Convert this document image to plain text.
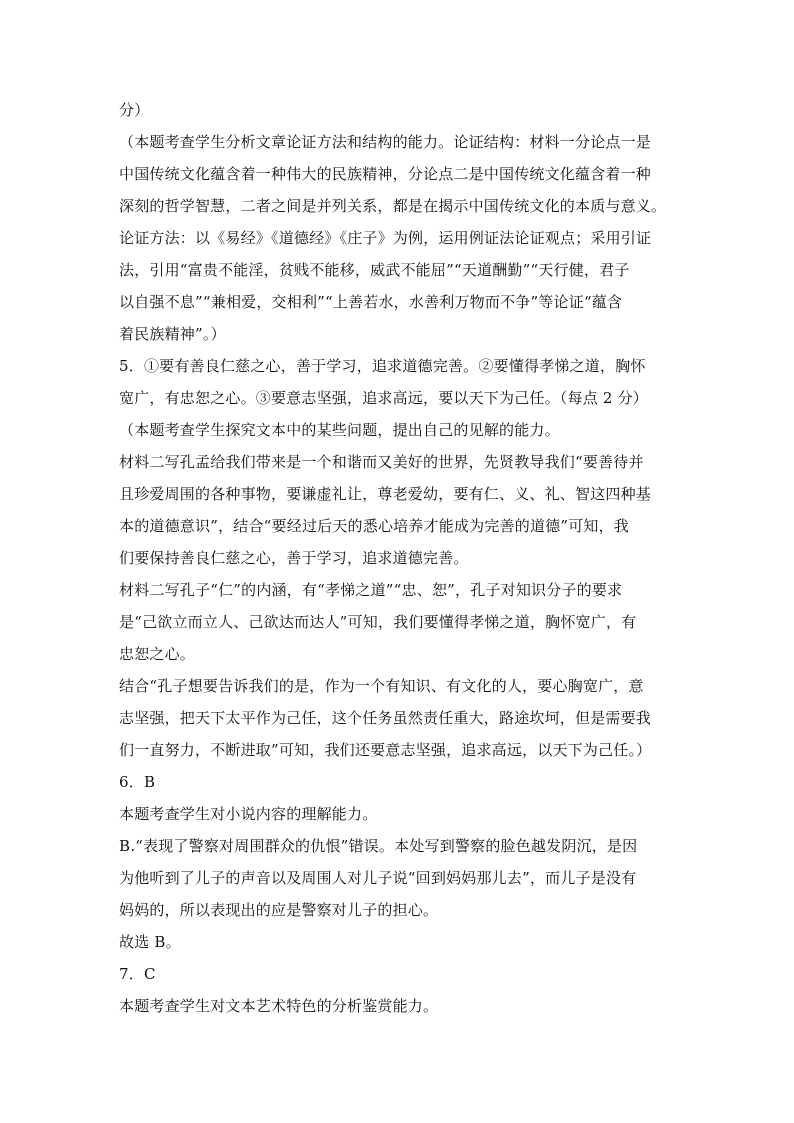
分）
（本题考查学生分析文章论证方法和结构的能力。论证结构：材料一分论点一是
中国传统文化蕴含着一种伟大的民族精神，分论点二是中国传统文化蕴含着一种
深刻的哲学智慧，二者之间是并列关系，都是在揭示中国传统文化的本质与意义。
论证方法：以《易经》《道德经》《庄子》为例，运用例证法论证观点；采用引证
法，引用“富贵不能淫，贫贱不能移，威武不能屈”“天道酬勤”“天行健，君子
以自强不息”“兼相爱，交相利”“上善若水，水善利万物而不争”等论证“蕴含
着民族精神”。）
5．①要有善良仁慈之心，善于学习，追求道德完善。②要懂得孝悌之道，胸怀
宽广，有忠恕之心。③要意志坚强，追求高远，要以天下为己任。（每点 2 分）
（本题考查学生探究文本中的某些问题，提出自己的见解的能力。
材料二写孔孟给我们带来是一个和谐而又美好的世界，先贤教导我们“要善待并
且珍爱周围的各种事物，要谦虚礼让，尊老爱幼，要有仁、义、礼、智这四种基
本的道德意识”，结合“要经过后天的悉心培养才能成为完善的道德”可知，我
们要保持善良仁慈之心，善于学习，追求道德完善。
材料二写孔子“仁”的内涵，有“孝悌之道”“忠、恕”，孔子对知识分子的要求
是“己欲立而立人、己欲达而达人”可知，我们要懂得孝悌之道，胸怀宽广，有
忠恕之心。
结合“孔子想要告诉我们的是，作为一个有知识、有文化的人，要心胸宽广，意
志坚强，把天下太平作为己任，这个任务虽然责任重大，路途坎坷，但是需要我
们一直努力，不断进取”可知，我们还要意志坚强，追求高远，以天下为己任。）
6．B
本题考查学生对小说内容的理解能力。
B.“表现了警察对周围群众的仇恨”错误。本处写到警察的脸色越发阴沉，是因
为他听到了儿子的声音以及周围人对儿子说“回到妈妈那儿去”，而儿子是没有
妈妈的，所以表现出的应是警察对儿子的担心。
故选 B。
7．C
本题考查学生对文本艺术特色的分析鉴赏能力。
